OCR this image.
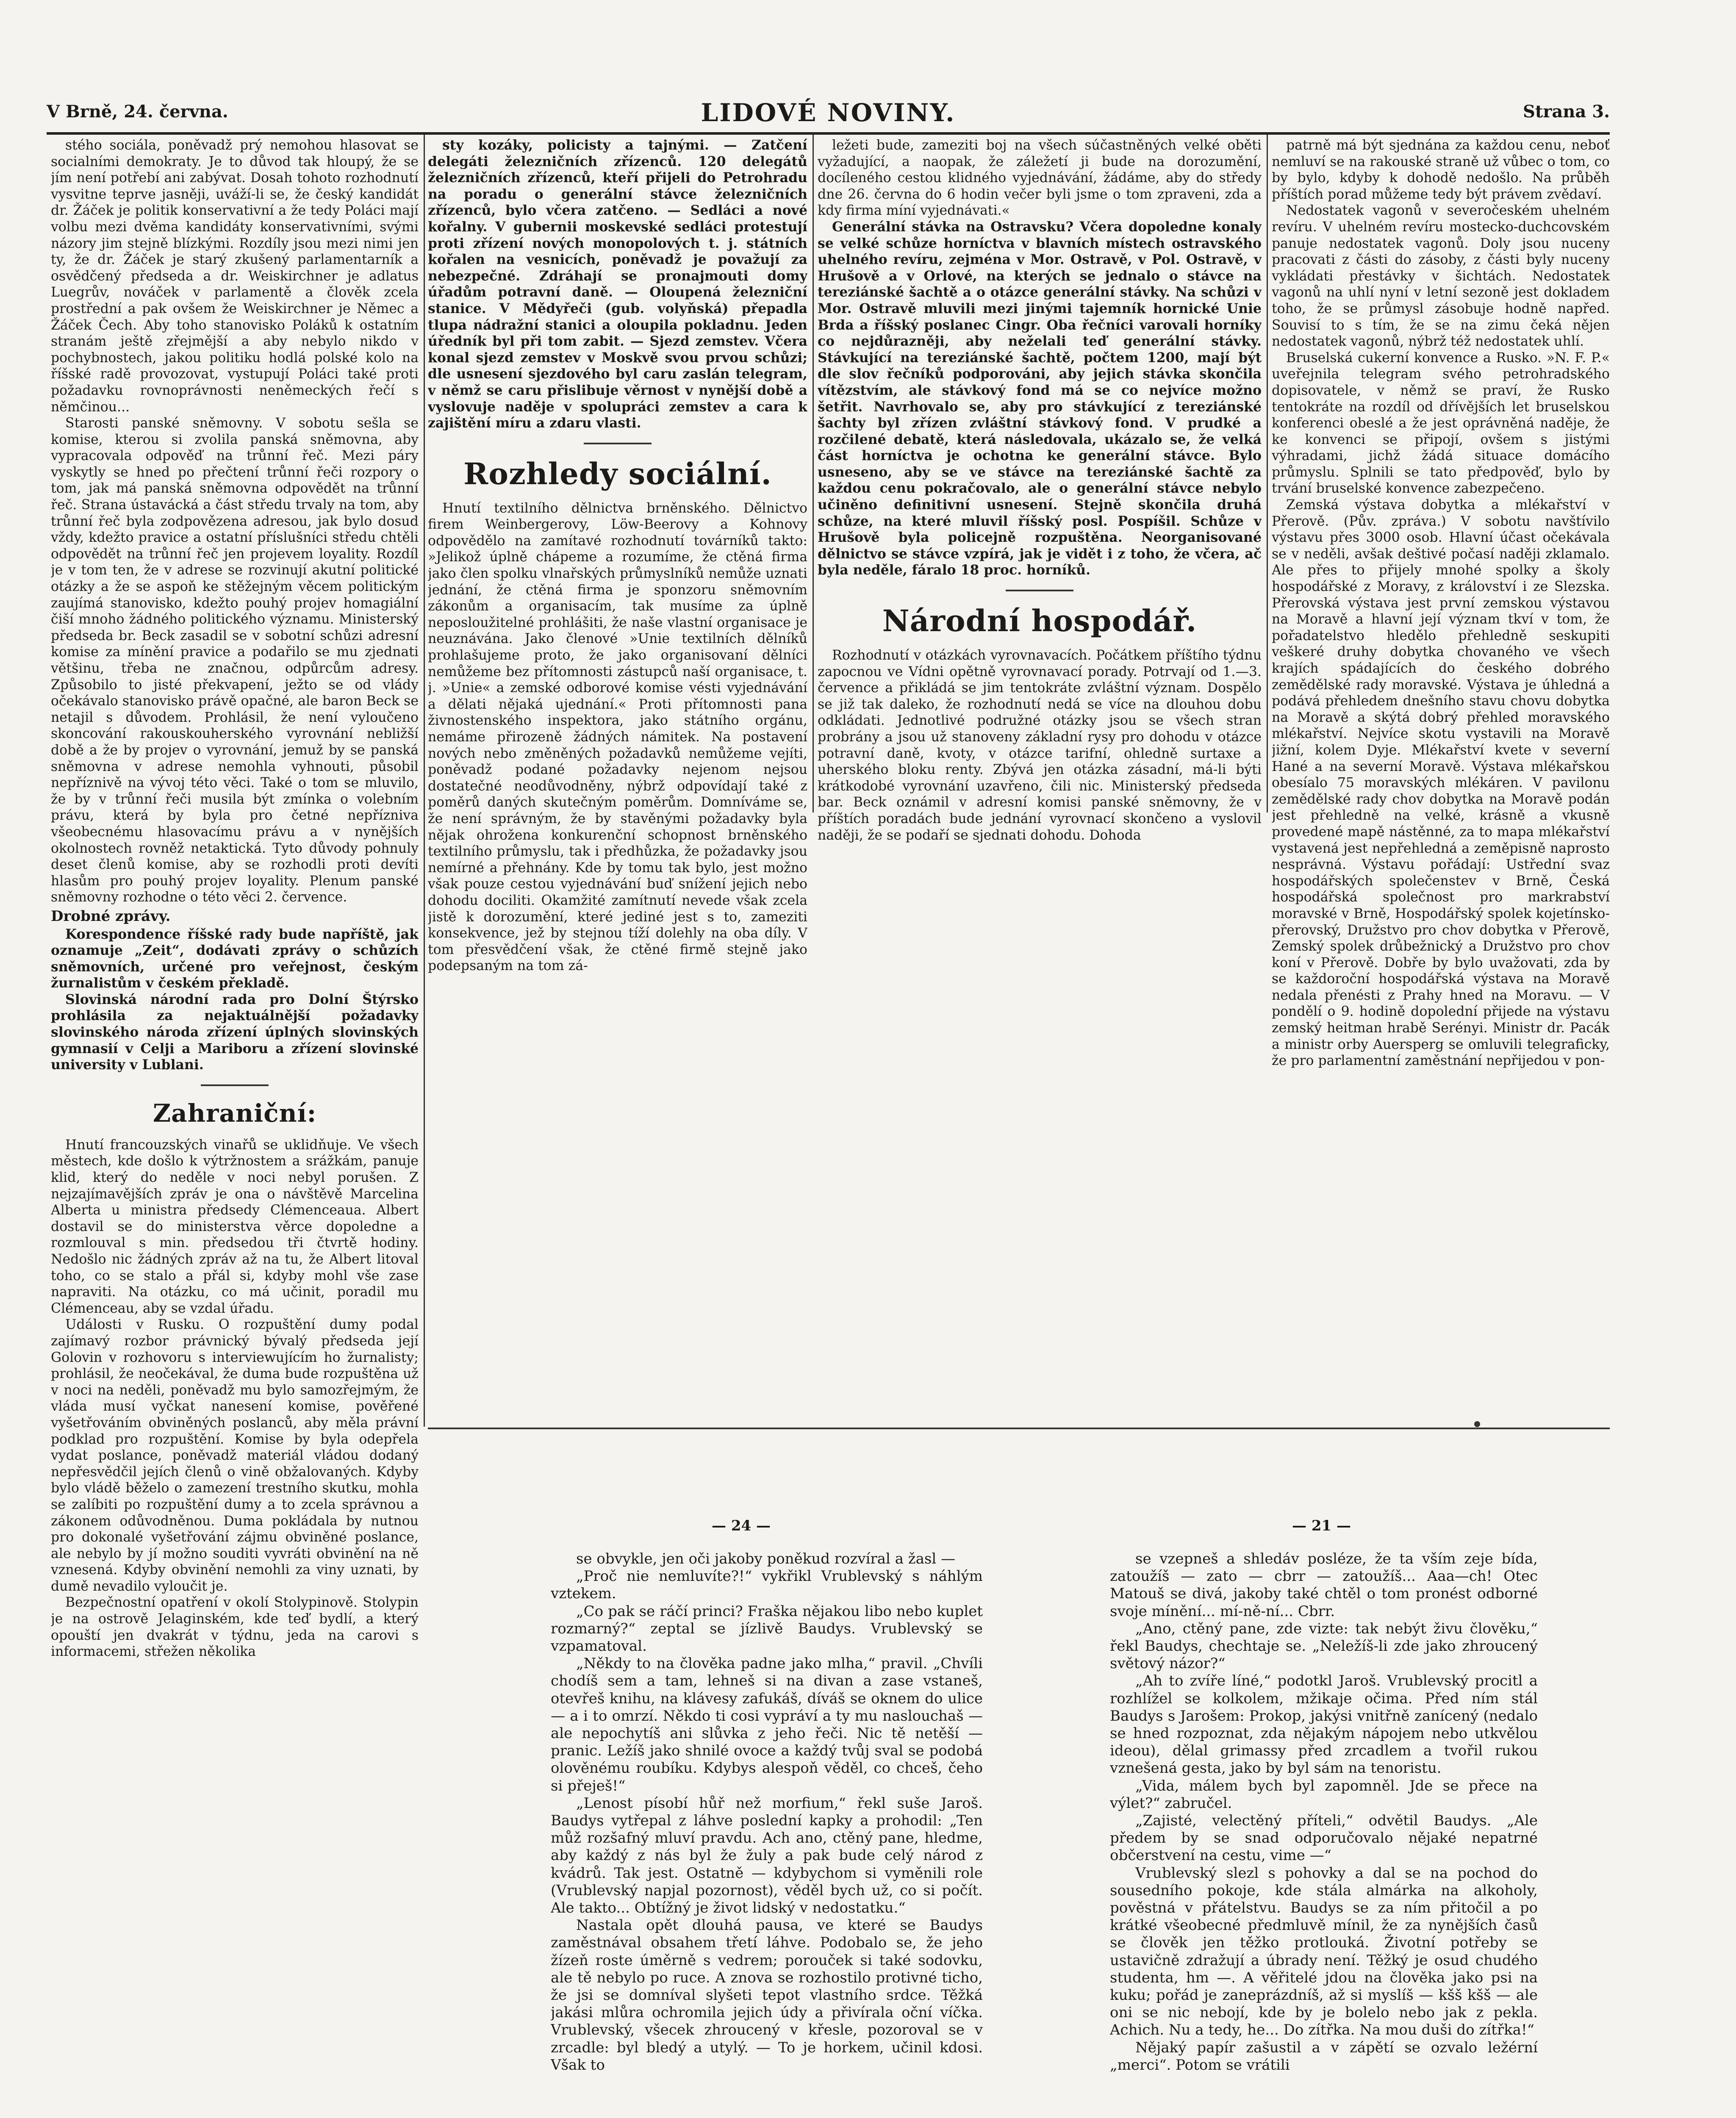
V Brně, 24. června.	LIDOVÉ NOVINY.	Strana 3.

stého sociála, poněvadž prý nemohou hlasovat se socialními demokraty. Je to důvod tak hloupý, že se jím není potřebí ani zabývat. Dosah tohoto rozhodnutí vysvitne teprve jasněji, uváží-li se, že český kandidát dr. Žáček je politik konservativní a že tedy Poláci mají volbu mezi dvěma kandidáty konservativními, svými názory jim stejně blízkými. Rozdíly jsou mezi nimi jen ty, že dr. Žáček je starý zkušený parlamentarník a osvědčený předseda a dr. Weiskirchner je adlatus Luegrův, nováček v parlamentě a člověk zcela prostřední a pak ovšem že Weiskirchner je Němec a Žáček Čech. Aby toho stanovisko Poláků k ostatním stranám ještě zřejmější a aby nebylo nikdo v pochybnostech, jakou politiku hodlá polské kolo na říšské radě provozovat, vystupují Poláci také proti požadavku rovnoprávnosti neněmeckých řečí s němčinou...

Starosti panské sněmovny. V sobotu sešla se komise, kterou si zvolila panská sněmovna, aby vypracovala odpověď na trůnní řeč. Mezi páry vyskytly se hned po přečtení trůnní řeči rozpory o tom, jak má panská sněmovna odpovědět na trůnní řeč. Strana ústavácká a část středu trvaly na tom, aby trůnní řeč byla zodpovězena adresou, jak bylo dosud vždy, kdežto pravice a ostatní příslušníci středu chtěli odpovědět na trůnní řeč jen projevem loyality. Rozdíl je v tom ten, že v adrese se rozvinují akutní politické otázky a že se aspoň ke stěžejným věcem politickým zaujímá stanovisko, kdežto pouhý projev homagiální čiší mnoho žádného politického významu. Ministerský předseda br. Beck zasadil se v sobotní schůzi adresní komise za mínění pravice a podařilo se mu zjednati většinu, třeba ne značnou, odpůrcům adresy. Způsobilo to jisté překvapení, ježto se od vlády očekávalo stanovisko právě opačné, ale baron Beck se netajil s důvodem. Prohlásil, že není vyloučeno skoncování rakouskouherského vyrovnání nebližší době a že by projev o vyrovnání, jemuž by se panská sněmovna v adrese nemohla vyhnouti, působil nepříznivě na vývoj této věci. Také o tom se mluvilo, že by v trůnní řeči musila být zmínka o volebním právu, která by byla pro četné nepřízniva všeobecnému hlasovacímu právu a v nynějších okolnostech rovněž netaktická. Tyto důvody pohnuly deset členů komise, aby se rozhodli proti devíti hlasům pro pouhý projev loyality. Plenum panské sněmovny rozhodne o této věci 2. července.

Drobné zprávy.

Korespondence říšské rady bude napříště, jak oznamuje „Zeit“, dodávati zprávy o schůzích sněmovních, určené pro veřejnost, českým žurnalistům v českém překladě.

Slovinská národní rada pro Dolní Štýrsko prohlásila za nejaktuálnější požadavky slovinského národa zřízení úplných slovinských gymnasií v Celji a Mariboru a zřízení slovinské university v Lublani.

Zahraniční:

Hnutí francouzských vinařů se uklidňuje. Ve všech městech, kde došlo k výtržnostem a srážkám, panuje klid, který do neděle v noci nebyl porušen. Z nejzajímavějších zpráv je ona o návštěvě Marcelina Alberta u ministra předsedy Clémenceaua. Albert dostavil se do ministerstva věrce dopoledne a rozmlouval s min. předsedou tři čtvrtě hodiny. Nedošlo nic žádných zpráv až na tu, že Albert litoval toho, co se stalo a přál si, kdyby mohl vše zase napraviti. Na otázku, co má učinit, poradil mu Clémenceau, aby se vzdal úřadu.

Události v Rusku. O rozpuštění dumy podal zajímavý rozbor právnický bývalý předseda její Golovin v rozhovoru s interviewujícím ho žurnalisty; prohlásil, že neočekával, že duma bude rozpuštěna už v noci na neděli, poněvadž mu bylo samozřejmým, že vláda musí vyčkat nanesení komise, pověřené vyšetřováním obviněných poslanců, aby měla právní podklad pro rozpuštění. Komise by byla odepřela vydat poslance, poněvadž materiál vládou dodaný nepřesvědčil jejích členů o vině obžalovaných. Kdyby bylo vládě běželo o zamezení trestního skutku, mohla se zalíbiti po rozpuštění dumy a to zcela správnou a zákonem odůvodněnou. Duma pokládala by nutnou pro dokonalé vyšetřování zájmu obviněné poslance, ale nebylo by jí možno souditi vyvráti obvinění na ně vznesená. Kdyby obvinění nemohli za viny uznati, by dumě nevadilo vyloučit je.

Bezpečnostní opatření v okolí Stolypinově. Stolypin je na ostrově Jelaginském, kde teď bydlí, a který opouští jen dvakrát v týdnu, jeda na carovi s informacemi, střežen několika

sty kozáky, policisty a tajnými. — Zatčení delegáti železničních zřízenců. 120 delegátů železničních zřízenců, kteří přijeli do Petrohradu na poradu o generální stávce železničních zřízenců, bylo včera zatčeno. — Sedláci a nové kořalny. V gubernii moskevské sedláci protestují proti zřízení nových monopolových t. j. státních kořalen na vesnicích, poněvadž je považují za nebezpečné. Zdráhají se pronajmouti domy úřadům potravní daně. — Oloupená železniční stanice. V Mědyřeči (gub. volyňská) přepadla tlupa nádražní stanici a oloupila pokladnu. Jeden úředník byl při tom zabit. — Sjezd zemstev. Včera konal sjezd zemstev v Moskvě svou prvou schůzi; dle usnesení sjezdového byl caru zaslán telegram, v němž se caru přislibuje věrnost v nynější době a vyslovuje naděje v spolupráci zemstev a cara k zajištění míru a zdaru vlasti.

Rozhledy sociální.

Hnutí textilního dělnictva brněnského. Dělnictvo firem Weinbergerovy, Löw-Beerovy a Kohnovy odpovědělo na zamítavé rozhodnutí továrníků takto: »Jelikož úplně chápeme a rozumíme, že ctěná firma jako člen spolku vlnařských průmyslníků nemůže uznati jednání, že ctěná firma je sponzoru sněmovním zákonům a organisacím, tak musíme za úplně neposloužitelné prohlášiti, že naše vlastní organisace je neuznávána. Jako členové »Unie textilních dělníků prohlašujeme proto, že jako organisovaní dělníci nemůžeme bez přítomnosti zástupců naší organisace, t. j. »Unie« a zemské odborové komise vésti vyjednávání a dělati nějaká ujednání.« Proti přítomnosti pana živnostenského inspektora, jako státního orgánu, nemáme přirozeně žádných námitek. Na postavení nových nebo změněných požadavků nemůžeme vejíti, poněvadž podané požadavky nejenom nejsou dostatečné neodůvodněny, nýbrž odpovídají také z poměrů daných skutečným poměrům. Domníváme se, že není správným, že by stavěnými požadavky byla nějak ohrožena konkurenční schopnost brněnského textilního průmyslu, tak i předhůzka, že požadavky jsou nemírné a přehnány. Kde by tomu tak bylo, jest možno však pouze cestou vyjednávání buď snížení jejich nebo dohodu dociliti. Okamžité zamítnutí nevede však zcela jistě k dorozumění, které jediné jest s to, zameziti konsekvence, jež by stejnou tíží dolehly na oba díly. V tom přesvědčení však, že ctěné firmě stejně jako podepsaným na tom zá-

ležeti bude, zameziti boj na všech súčastněných velké oběti vyžadující, a naopak, že záležetí ji bude na dorozumění, docíleného cestou klidného vyjednávání, žádáme, aby do středy dne 26. června do 6 hodin večer byli jsme o tom zpraveni, zda a kdy firma míní vyjednávati.«

Generální stávka na Ostravsku? Včera dopoledne konaly se velké schůze horníctva v blavních místech ostravského uhelného revíru, zejména v Mor. Ostravě, v Pol. Ostravě, v Hrušově a v Orlové, na kterých se jednalo o stávce na tereziánské šachtě a o otázce generální stávky. Na schůzi v Mor. Ostravě mluvili mezi jinými tajemník hornické Unie Brda a říšský poslanec Cingr. Oba řečníci varovali horníky co nejdůrazněji, aby neželali teď generální stávky. Stávkující na tereziánské šachtě, počtem 1200, mají být dle slov řečníků podporováni, aby jejich stávka skončila vítězstvím, ale stávkový fond má se co nejvíce možno šetřit. Navrhovalo se, aby pro stávkující z tereziánské šachty byl zřízen zvláštní stávkový fond. V prudké a rozčilené debatě, která následovala, ukázalo se, že velká část horníctva je ochotna ke generální stávce. Bylo usneseno, aby se ve stávce na tereziánské šachtě za každou cenu pokračovalo, ale o generální stávce nebylo učiněno definitivní usnesení. Stejně skončila druhá schůze, na které mluvil říšský posl. Pospíšil. Schůze v Hrušově byla policejně rozpuštěna. Neorganisované dělnictvo se stávce vzpírá, jak je vidět i z toho, že včera, ač byla neděle, fáralo 18 proc. horníků.

Národní hospodář.

Rozhodnutí v otázkách vyrovnavacích. Počátkem příštího týdnu zapocnou ve Vídni opětně vyrovnavací porady. Potrvají od 1.—3. července a přikládá se jim tentokráte zvláštní význam. Dospělo se již tak daleko, že rozhodnutí nedá se více na dlouhou dobu odkládati. Jednotlivé podružné otázky jsou se všech stran probrány a jsou už stanoveny základní rysy pro dohodu v otázce potravní daně, kvoty, v otázce tarifní, ohledně surtaxe a uherského bloku renty. Zbývá jen otázka zásadní, má-li býti krátkodobé vyrovnání uzavřeno, čili nic. Ministerský předseda bar. Beck oznámil v adresní komisi panské sněmovny, že v příštích poradách bude jednání vyrovnací skončeno a vyslovil naději, že se podaří se sjednati dohodu. Dohoda

patrně má být sjednána za každou cenu, neboť nemluví se na rakouské straně už vůbec o tom, co by bylo, kdyby k dohodě nedošlo. Na průběh příštích porad můžeme tedy být právem zvědaví.

Nedostatek vagonů v severočeském uhelném revíru. V uhelném revíru mostecko-duchcovském panuje nedostatek vagonů. Doly jsou nuceny pracovati z části do zásoby, z části byly nuceny vykládati přestávky v šichtách. Nedostatek vagonů na uhlí nyní v letní sezoně jest dokladem toho, že se průmysl zásobuje hodně napřed. Souvisí to s tím, že se na zimu čeká nějen nedostatek vagonů, nýbrž též nedostatek uhlí.

Bruselská cukerní konvence a Rusko. »N. F. P.« uveřejnila telegram svého petrohradského dopisovatele, v němž se praví, že Rusko tentokráte na rozdíl od dřívějších let bruselskou konferenci obeslé a že jest oprávněná naděje, že ke konvenci se připojí, ovšem s jistými výhradami, jichž žádá situace domácího průmyslu. Splnili se tato předpověď, bylo by trvání bruselské konvence zabezpečeno.

Zemská výstava dobytka a mlékařství v Přerově. (Pův. zpráva.) V sobotu navštívilo výstavu přes 3000 osob. Hlavní účast očekávala se v neděli, avšak deštivé počasí naději zklamalo. Ale přes to přijely mnohé spolky a školy hospodářské z Moravy, z království i ze Slezska. Přerovská výstava jest první zemskou výstavou na Moravě a hlavní její význam tkví v tom, že pořadatelstvo hledělo přehledně seskupiti veškeré druhy dobytka chovaného ve všech krajích spádajících do českého dobrého zemědělské rady moravské. Výstava je úhledná a podává přehledem dnešního stavu chovu dobytka na Moravě a skýtá dobrý přehled moravského mlékařství. Nejvíce skotu vystavili na Moravě jižní, kolem Dyje. Mlékařství kvete v severní Hané a na severní Moravě. Výstava mlékařskou obesíalo 75 moravských mlékáren. V pavilonu zemědělské rady chov dobytka na Moravě podán jest přehledně na velké, krásně a vkusně provedené mapě nástěnné, za to mapa mlékařství vystavená jest nepřehledná a zeměpisně naprosto nesprávná. Výstavu pořádají: Ustřední svaz hospodářských společenstev v Brně, Česká hospodářská společnost pro markrabství moravské v Brně, Hospodářský spolek kojetínsko-přerovský, Družstvo pro chov dobytka v Přerově, Zemský spolek drůbežnický a Družstvo pro chov koní v Přerově. Dobře by bylo uvažovati, zda by se každoroční hospodářská výstava na Moravě nedala přenésti z Prahy hned na Moravu. — V pondělí o 9. hodině dopolední přijede na výstavu zemský heitman hrabě Serényi. Ministr dr. Pacák a ministr orby Auersperg se omluvili telegraficky, že pro parlamentní zaměstnání nepřijedou v pon-

— 24 —	— 21 —

se obvykle, jen oči jakoby poněkud rozvíral a žasl —

„Proč nie nemluvíte?!“ vykřikl Vrublevský s náhlým vztekem.

„Co pak se ráčí princi? Fraška nějakou libo nebo kuplet rozmarný?“ zeptal se jízlivě Baudys. Vrublevský se vzpamatoval.

„Někdy to na člověka padne jako mlha,“ pravil. „Chvíli chodíš sem a tam, lehneš si na divan a zase vstaneš, otevřeš knihu, na klávesy zafukáš, díváš se oknem do ulice — a i to omrzí. Někdo ti cosi vypráví a ty mu naslouchaš — ale nepochytíš ani slůvka z jeho řeči. Nic tě netěší — pranic. Ležíš jako shnilé ovoce a každý tvůj sval se podobá olověnému roubíku. Kdybys alespoň věděl, co chceš, čeho si přeješ!“

„Lenost písobí hůř než morfium,“ řekl suše Jaroš. Baudys vytřepal z láhve poslední kapky a prohodil: „Ten můž rozšafný mluví pravdu. Ach ano, ctěný pane, hledme, aby každý z nás byl že žuly a pak bude celý národ z kvádrů. Tak jest. Ostatně — kdybychom si vyměnili role (Vrublevský napjal pozornost), věděl bych už, co si počít. Ale takto... Obtížný je život lidský v nedostatku.“

Nastala opět dlouhá pausa, ve které se Baudys zaměstnával obsahem třetí láhve. Podobalo se, že jeho žízeň roste úměrně s vedrem; porouček si také sodovku, ale tě nebylo po ruce. A znova se rozhostilo protivné ticho, že jsi se domníval slyšeti tepot vlastního srdce. Těžká jakási mlůra ochromila jejich údy a přivírala oční víčka. Vrublevský, všecek zhroucený v křesle, pozoroval se v zrcadle: byl bledý a utylý. — To je horkem, učinil kdosi. Však to

se vzepneš a shledáv posléze, že ta vším zeje bída, zatoužíš — zato — cbrr — zatoužíš... Aaa—ch! Otec Matouš se divá, jakoby také chtěl o tom pronést odborné svoje mínění... mí-ně-ní... Cbrr.

„Ano, ctěný pane, zde vizte: tak nebýt živu člověku,“ řekl Baudys, chechtaje se. „Neležíš-li zde jako zhroucený světový názor?“

„Ah to zvíře líné,“ podotkl Jaroš. Vrublevský procitl a rozhlížel se kolkolem, mžikaje očima. Před ním stál Baudys s Jarošem: Prokop, jakýsi vnitřně zanícený (nedalo se hned rozpoznat, zda nějakým nápojem nebo utkvělou ideou), dělal grimassy před zrcadlem a tvořil rukou vznešená gesta, jako by byl sám na tenoristu.

„Vida, málem bych byl zapomněl. Jde se přece na výlet?“ zabručel.

„Zajisté, velectěný příteli,“ odvětil Baudys. „Ale předem by se snad odporučovalo nějaké nepatrné občerstvení na cestu, vime —“

Vrublevský slezl s pohovky a dal se na pochod do sousedního pokoje, kde stála almárka na alkoholy, pověstná v přátelstvu. Baudys se za ním přitočil a po krátké všeobecné předmluvě mínil, že za nynějších časů se člověk jen těžko protlouká. Životní potřeby se ustavičně zdražují a úbrady není. Těžký je osud chudého studenta, hm —. A věřitelé jdou na člověka jako psi na kuku; pořád je zaneprázdníš, až si myslíš — kšš kšš — ale oni se nic nebojí, kde by je bolelo nebo jak z pekla. Achich. Nu a tedy, he... Do zítřka. Na mou duši do zítřka!“

Nějaký papír zašustil a v zápětí se ozvalo ležérní „merci“. Potom se vrátili
